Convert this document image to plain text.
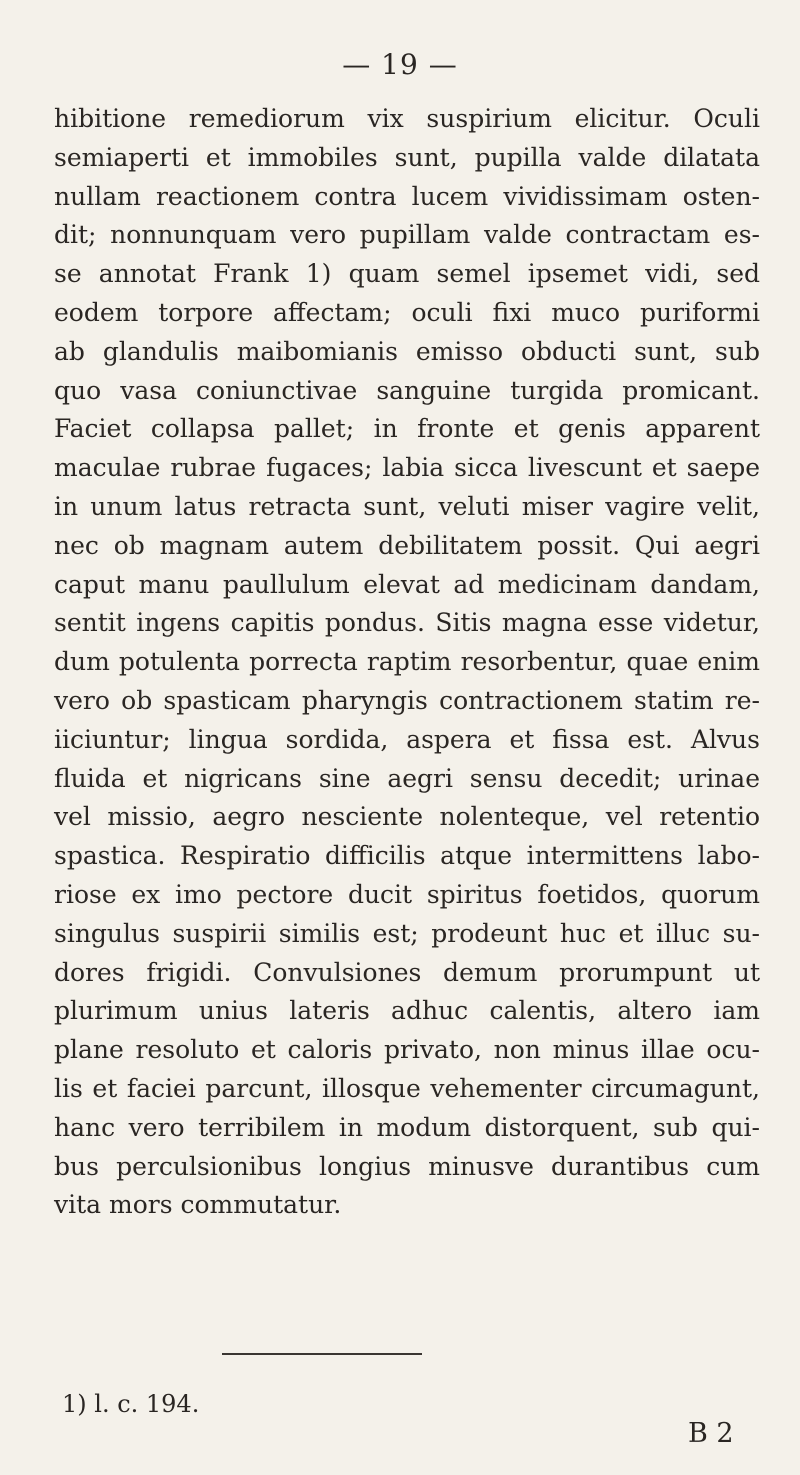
— 19 —
hibitione remediorum vix suspirium elicitur. Oculi
semiaperti et immobiles sunt, pupilla valde dilatata
nullam reactionem contra lucem vividissimam osten-
dit; nonnunquam vero pupillam valde contractam es-
se annotat Frank 1) quam semel ipsemet vidi, sed
eodem torpore affectam; oculi fixi muco puriformi
ab glandulis maibomianis emisso obducti sunt, sub
quo vasa coniunctivae sanguine turgida promicant.
Faciet collapsa pallet; in fronte et genis apparent
maculae rubrae fugaces; labia sicca livescunt et saepe
in unum latus retracta sunt, veluti miser vagire velit,
nec ob magnam autem debilitatem possit. Qui aegri
caput manu paullulum elevat ad medicinam dandam,
sentit ingens capitis pondus. Sitis magna esse videtur,
dum potulenta porrecta raptim resorbentur, quae enim
vero ob spasticam pharyngis contractionem statim re-
iiciuntur; lingua sordida, aspera et fissa est. Alvus
fluida et nigricans sine aegri sensu decedit; urinae
vel missio, aegro nesciente nolenteque, vel retentio
spastica. Respiratio difficilis atque intermittens labo-
riose ex imo pectore ducit spiritus foetidos, quorum
singulus suspirii similis est; prodeunt huc et illuc su-
dores frigidi. Convulsiones demum prorumpunt ut
plurimum unius lateris adhuc calentis, altero iam
plane resoluto et caloris privato, non minus illae ocu-
lis et faciei parcunt, illosque vehementer circumagunt,
hanc vero terribilem in modum distorquent, sub qui-
bus perculsionibus longius minusve durantibus cum
vita mors commutatur.
1) l. c. 194.
B 2
